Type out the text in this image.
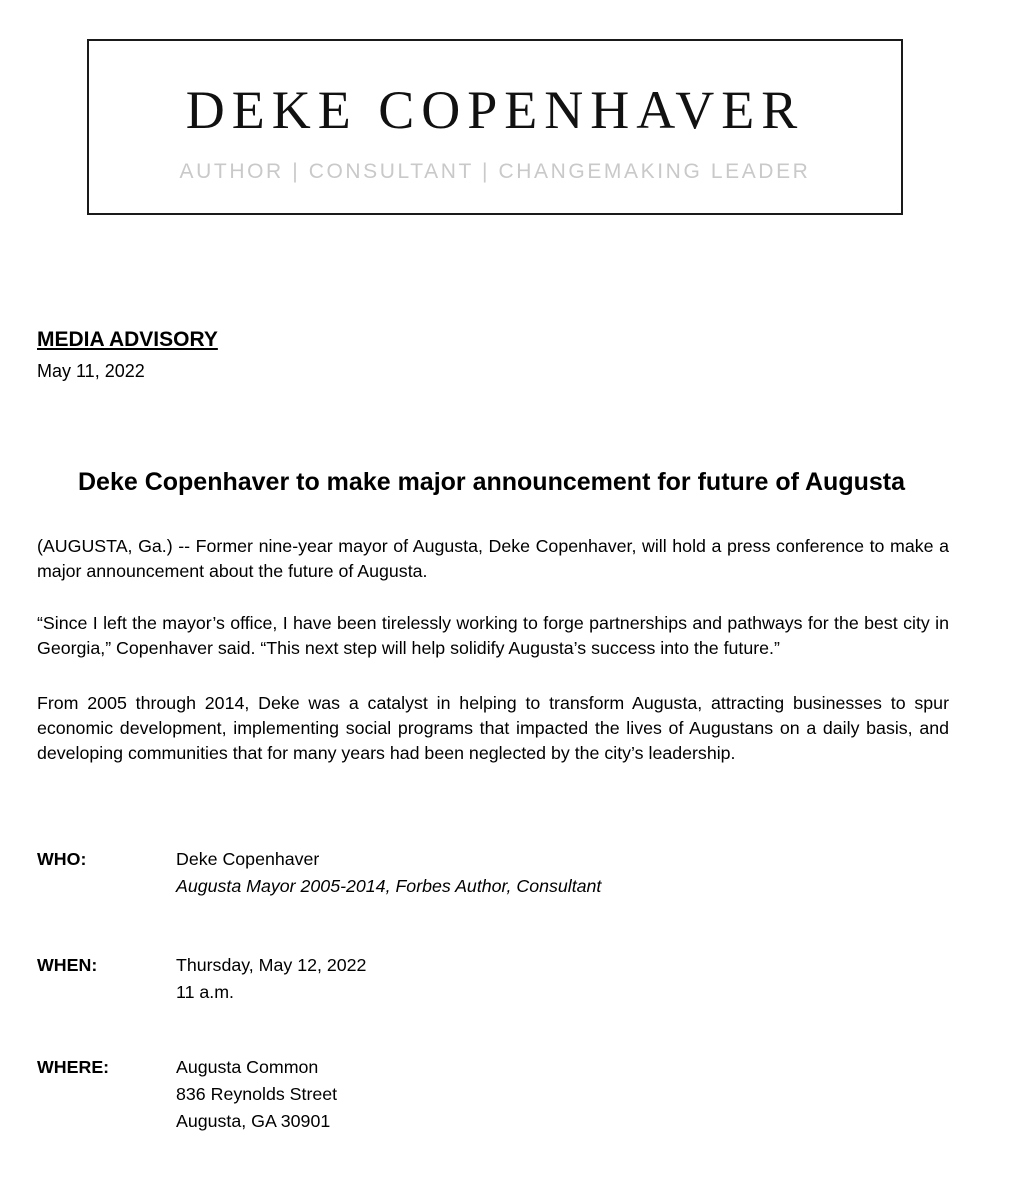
DEKE COPENHAVER
AUTHOR | CONSULTANT | CHANGEMAKING LEADER
MEDIA ADVISORY
May 11, 2022
Deke Copenhaver to make major announcement for future of Augusta
(AUGUSTA, Ga.) -- Former nine-year mayor of Augusta, Deke Copenhaver, will hold a press conference to make a major announcement about the future of Augusta.
“Since I left the mayor’s office, I have been tirelessly working to forge partnerships and pathways for the best city in Georgia,” Copenhaver said. “This next step will help solidify Augusta’s success into the future.”
From 2005 through 2014, Deke was a catalyst in helping to transform Augusta, attracting businesses to spur economic development, implementing social programs that impacted the lives of Augustans on a daily basis, and developing communities that for many years had been neglected by the city’s leadership.
WHO:	Deke Copenhaver
Augusta Mayor 2005-2014, Forbes Author, Consultant
WHEN:	Thursday, May 12, 2022
11 a.m.
WHERE:	Augusta Common
836 Reynolds Street
Augusta, GA 30901
